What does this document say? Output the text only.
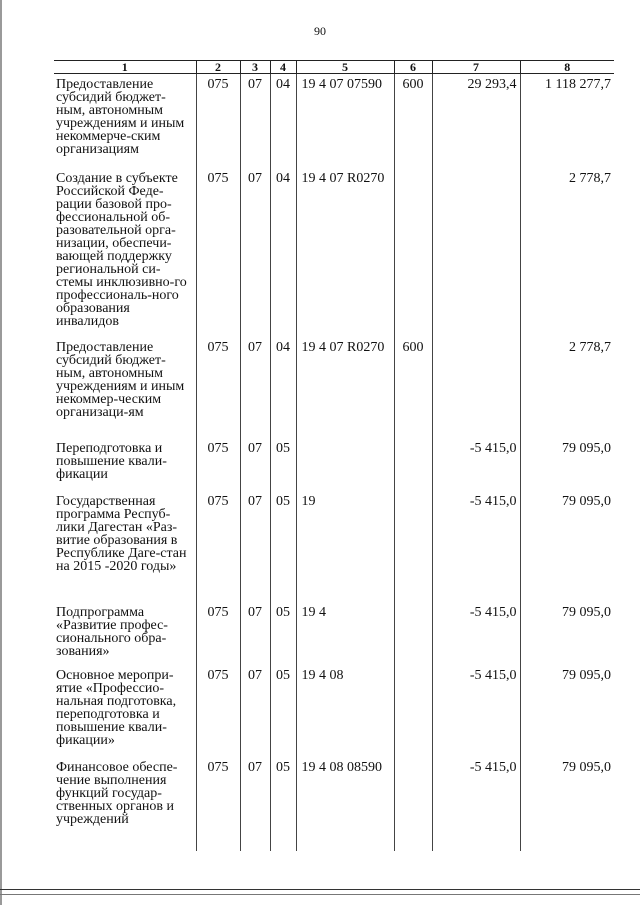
90
1	2	3	4	5	6	7	8
Предоставление субсидий бюджет-ным, автономным учреждениям и иным некоммерче-ским организациям	075	07	04	19 4 07 07590	600	29 293,4	1 118 277,7
Создание в субъекте Российской Феде-рации базовой про-фессиональной об-разовательной орга-низации, обеспечи-вающей поддержку региональной си-стемы инклюзивно-го профессиональ-ного образования инвалидов	075	07	04	19 4 07 R0270			2 778,7
Предоставление субсидий бюджет-ным, автономным учреждениям и иным некоммер-ческим организаци-ям	075	07	04	19 4 07 R0270	600		2 778,7
Переподготовка и повышение квали-фикации	075	07	05			-5 415,0	79 095,0
Государственная программа Респуб-лики Дагестан «Раз-витие образования в Республике Даге-стан на 2015 -2020 годы»	075	07	05	19		-5 415,0	79 095,0
Подпрограмма «Развитие профес-сионального обра-зования»	075	07	05	19 4		-5 415,0	79 095,0
Основное меропри-ятие «Профессио-нальная подготовка, переподготовка и повышение квали-фикации»	075	07	05	19 4 08		-5 415,0	79 095,0
Финансовое обеспе-чение выполнения функций государ-ственных органов и учреждений	075	07	05	19 4 08 08590		-5 415,0	79 095,0
